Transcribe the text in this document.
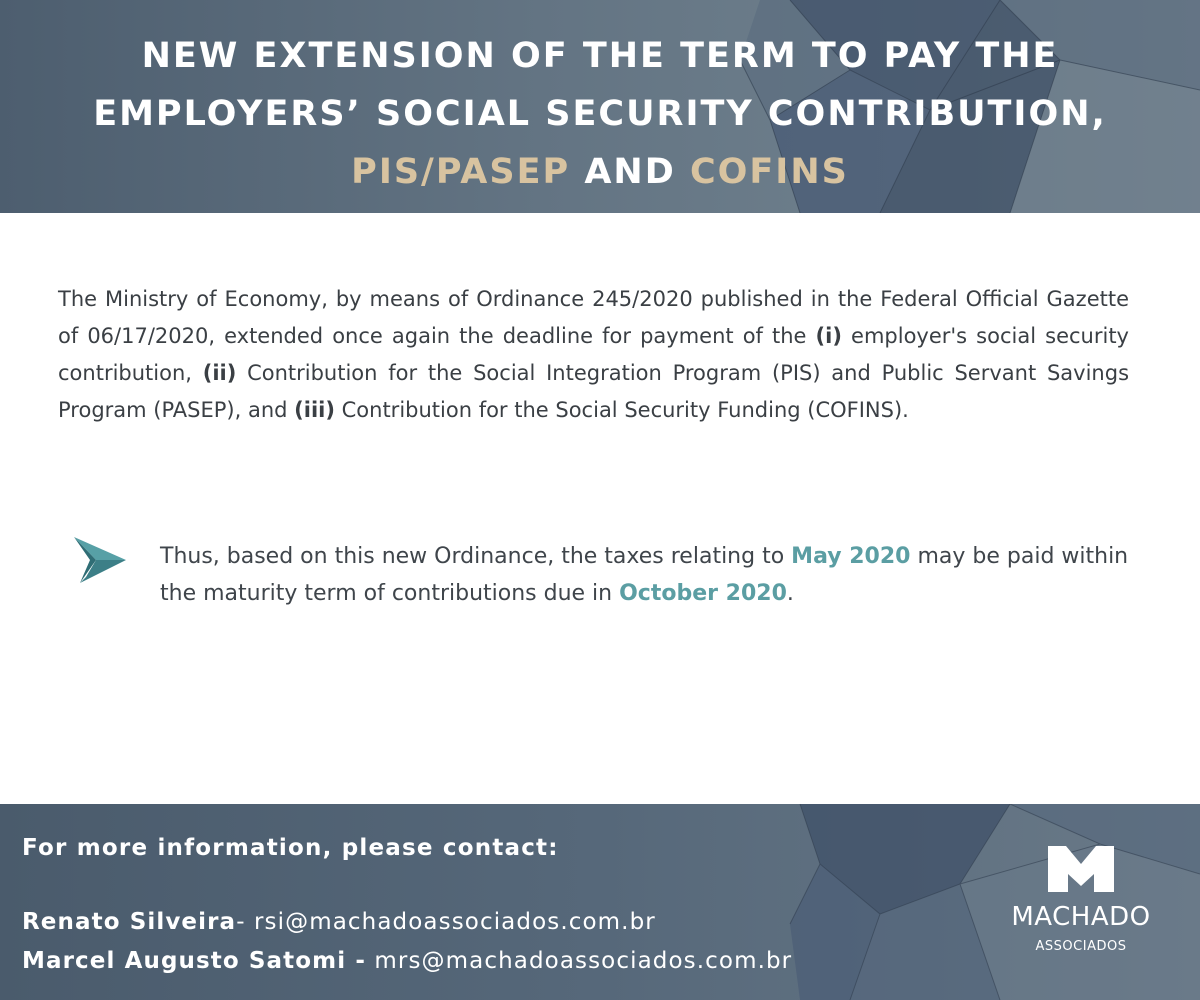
NEW EXTENSION OF THE TERM TO PAY THE
EMPLOYERS’ SOCIAL SECURITY CONTRIBUTION,
PIS/PASEP AND COFINS

The Ministry of Economy, by means of Ordinance 245/2020 published in the Federal Official Gazette of 06/17/2020, extended once again the deadline for payment of the (i) employer's social security contribution, (ii) Contribution for the Social Integration Program (PIS) and Public Servant Savings Program (PASEP), and (iii) Contribution for the Social Security Funding (COFINS).

Thus, based on this new Ordinance, the taxes relating to May 2020 may be paid within the maturity term of contributions due in October 2020.

For more information, please contact:

Renato Silveira- rsi@machadoassociados.com.br

Marcel Augusto Satomi - mrs@machadoassociados.com.br

MACHADO
ASSOCIADOS
